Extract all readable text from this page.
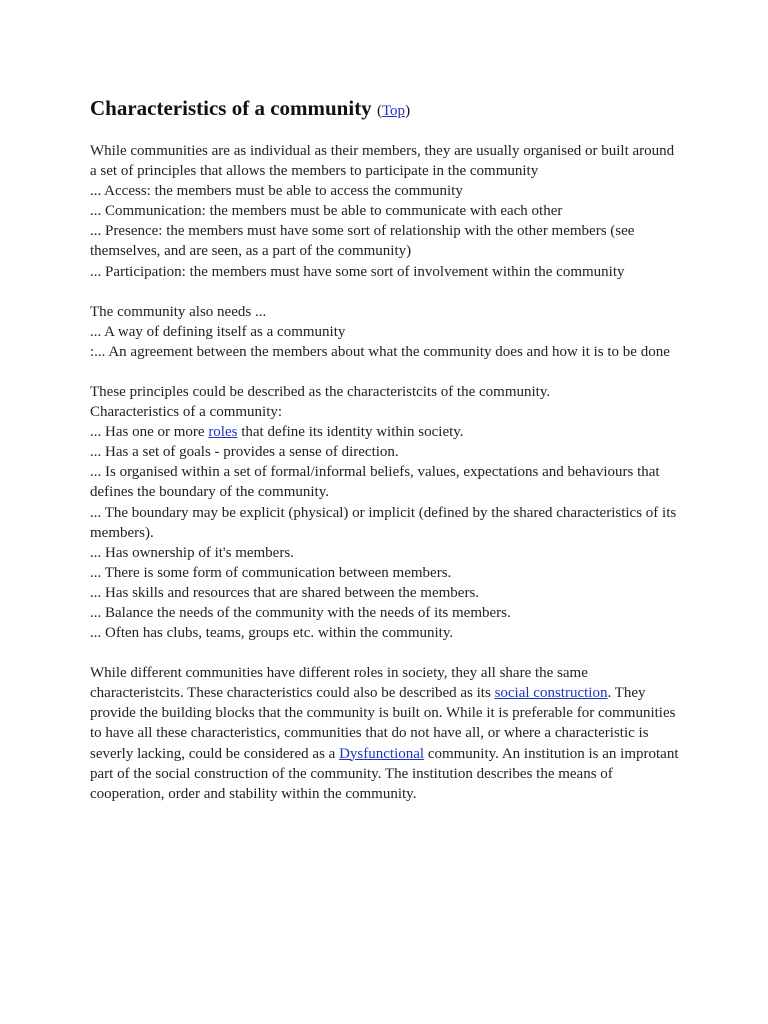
Characteristics of a community (Top)
While communities are as individual as their members, they are usually organised or built around a set of principles that allows the members to participate in the community
... Access: the members must be able to access the community
... Communication: the members must be able to communicate with each other
... Presence: the members must have some sort of relationship with the other members (see themselves, and are seen, as a part of the community)
... Participation: the members must have some sort of involvement within the community
The community also needs ...
... A way of defining itself as a community
:... An agreement between the members about what the community does and how it is to be done
These principles could be described as the characteristcits of the community.
Characteristics of a community:
... Has one or more roles that define its identity within society.
... Has a set of goals - provides a sense of direction.
... Is organised within a set of formal/informal beliefs, values, expectations and behaviours that defines the boundary of the community.
... The boundary may be explicit (physical) or implicit (defined by the shared characteristics of its members).
... Has ownership of it's members.
... There is some form of communication between members.
... Has skills and resources that are shared between the members.
... Balance the needs of the community with the needs of its members.
... Often has clubs, teams, groups etc. within the community.
While different communities have different roles in society, they all share the same characteristcits. These characteristics could also be described as its social construction. They provide the building blocks that the community is built on. While it is preferable for communities to have all these characteristics, communities that do not have all, or where a characteristic is severly lacking, could be considered as a Dysfunctional community. An institution is an improtant part of the social construction of the community. The institution describes the means of cooperation, order and stability within the community.
